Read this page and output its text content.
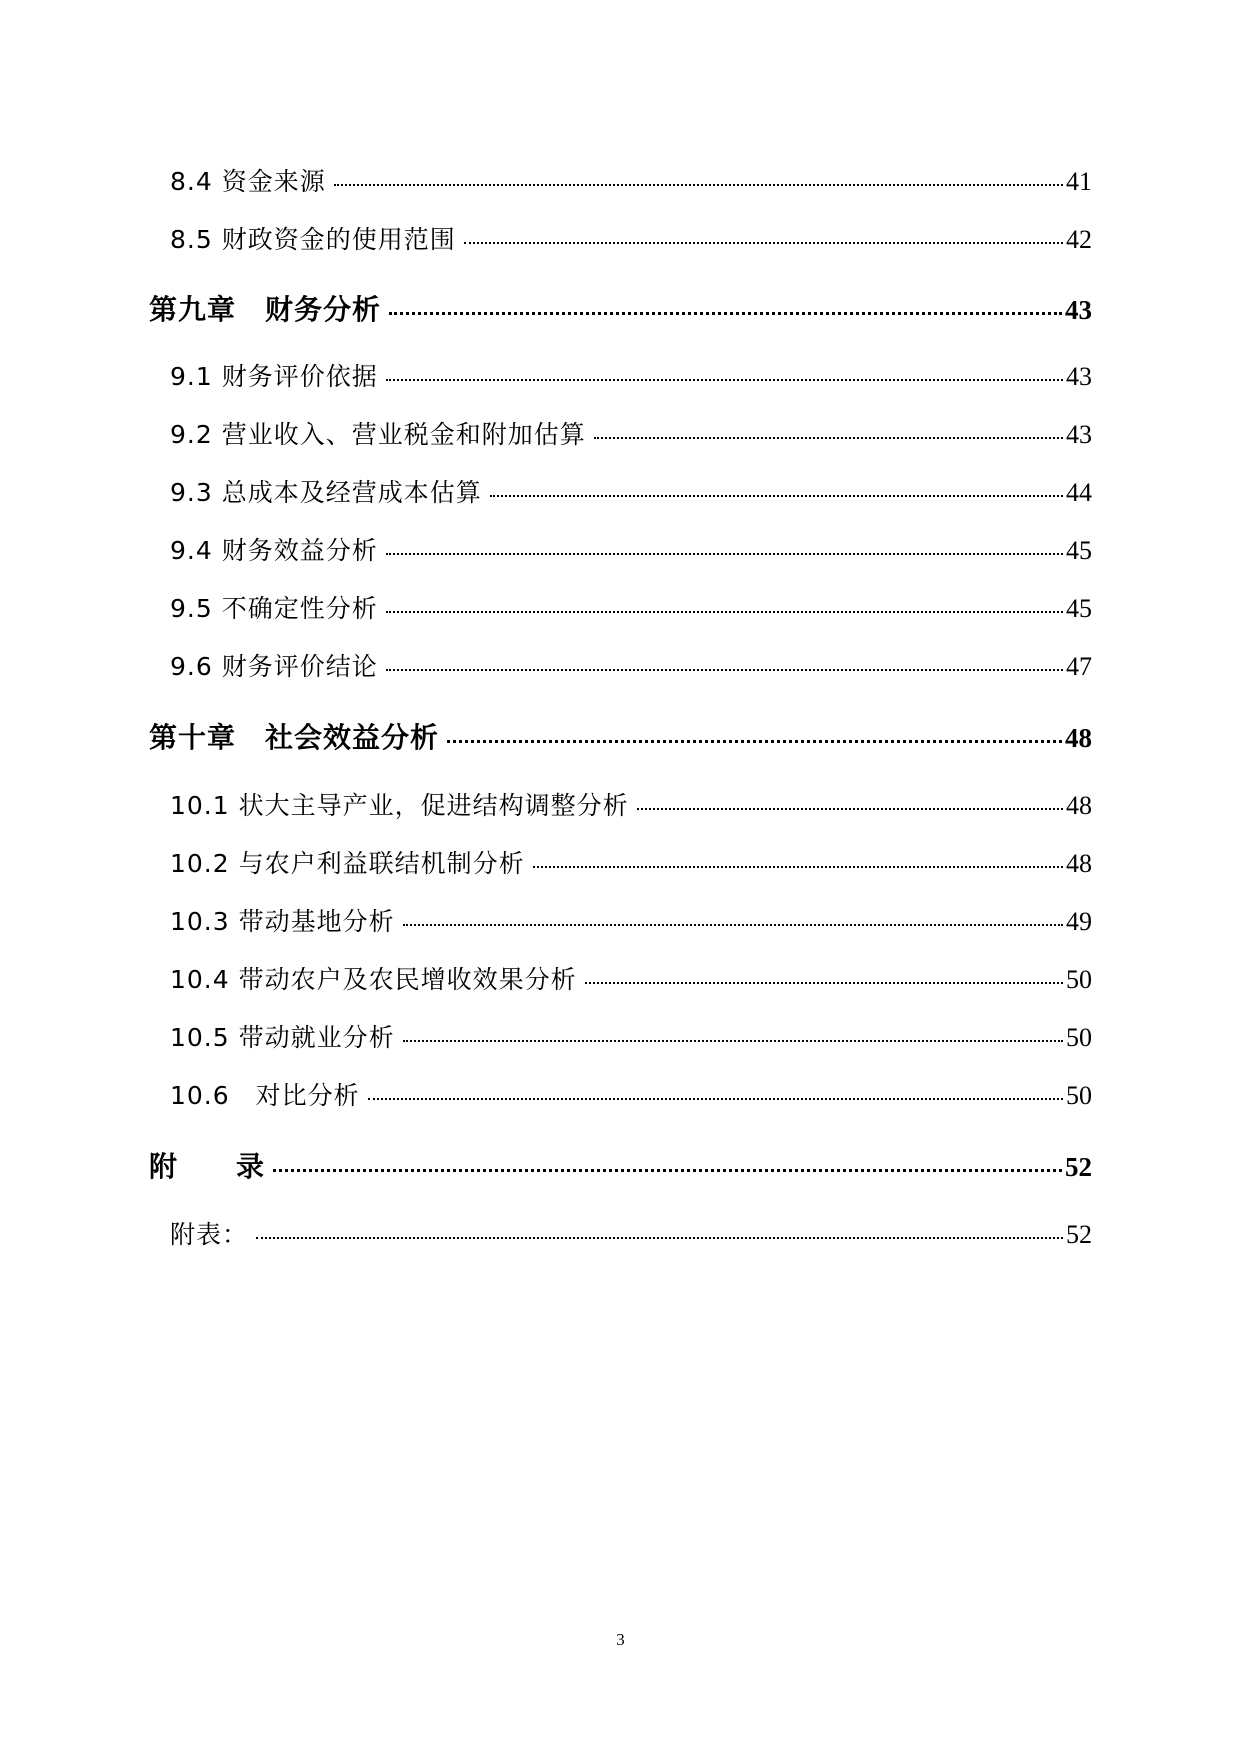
8.4 资金来源	41
8.5 财政资金的使用范围	42
第九章　财务分析	43
9.1 财务评价依据	43
9.2 营业收入、营业税金和附加估算	43
9.3 总成本及经营成本估算	44
9.4 财务效益分析	45
9.5 不确定性分析	45
9.6 财务评价结论	47
第十章　社会效益分析	48
10.1 状大主导产业，促进结构调整分析	48
10.2 与农户利益联结机制分析	48
10.3 带动基地分析	49
10.4 带动农户及农民增收效果分析	50
10.5 带动就业分析	50
10.6　对比分析	50
附　　录	52
附表：	52
3
